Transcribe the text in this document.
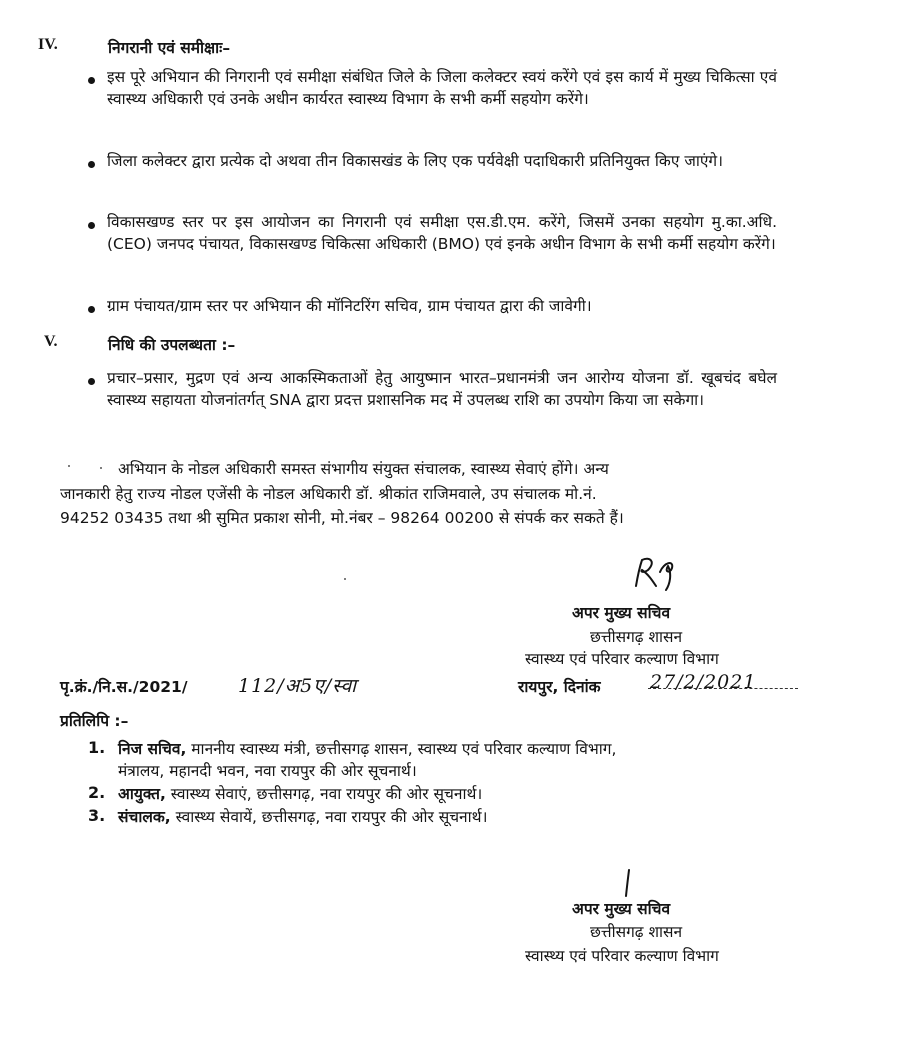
IV.	निगरानी एवं समीक्षाः–
इस पूरे अभियान की निगरानी एवं समीक्षा संबंधित जिले के जिला कलेक्टर स्वयं करेंगे एवं इस कार्य में मुख्य चिकित्सा एवं स्वास्थ्य अधिकारी एवं उनके अधीन कार्यरत स्वास्थ्य विभाग के सभी कर्मी सहयोग करेंगे।
जिला कलेक्टर द्वारा प्रत्येक दो अथवा तीन विकासखंड के लिए एक पर्यवेक्षी पदाधिकारी प्रतिनियुक्त किए जाएंगे।
विकासखण्ड स्तर पर इस आयोजन का निगरानी एवं समीक्षा एस.डी.एम. करेंगे, जिसमें उनका सहयोग मु.का.अधि. (CEO) जनपद पंचायत, विकासखण्ड चिकित्सा अधिकारी (BMO) एवं इनके अधीन विभाग के सभी कर्मी सहयोग करेंगे।
ग्राम पंचायत/ग्राम स्तर पर अभियान की मॉनिटरिंग सचिव, ग्राम पंचायत द्वारा की जावेगी।
V.	निधि की उपलब्धता :–
प्रचार–प्रसार, मुद्रण एवं अन्य आकस्मिकताओं हेतु आयुष्मान भारत–प्रधानमंत्री जन आरोग्य योजना डॉ. खूबचंद बघेल स्वास्थ्य सहायता योजनांतर्गत् SNA द्वारा प्रदत्त प्रशासनिक मद में उपलब्ध राशि का उपयोग किया जा सकेगा।
अभियान के नोडल अधिकारी समस्त संभागीय संयुक्त संचालक, स्वास्थ्य सेवाएं होंगे। अन्य
जानकारी हेतु राज्य नोडल एजेंसी के नोडल अधिकारी डॉ. श्रीकांत राजिमवाले, उप संचालक मो.नं.
94252 03435 तथा श्री सुमित प्रकाश सोनी, मो.नंबर – 98264 00200 से संपर्क कर सकते हैं।
अपर मुख्य सचिव
छत्तीसगढ़ शासन
स्वास्थ्य एवं परिवार कल्याण विभाग
पृ.क्रं./नि.स./2021/	112/अ5ए/स्वा	रायपुर, दिनांक	27/2/2021
प्रतिलिपि :–
1. निज सचिव, माननीय स्वास्थ्य मंत्री, छत्तीसगढ़ शासन, स्वास्थ्य एवं परिवार कल्याण विभाग,
मंत्रालय, महानदी भवन, नवा रायपुर की ओर सूचनार्थ।
2. आयुक्त, स्वास्थ्य सेवाएं, छत्तीसगढ़, नवा रायपुर की ओर सूचनार्थ।
3. संचालक, स्वास्थ्य सेवायें, छत्तीसगढ़, नवा रायपुर की ओर सूचनार्थ।
अपर मुख्य सचिव
छत्तीसगढ़ शासन
स्वास्थ्य एवं परिवार कल्याण विभाग
